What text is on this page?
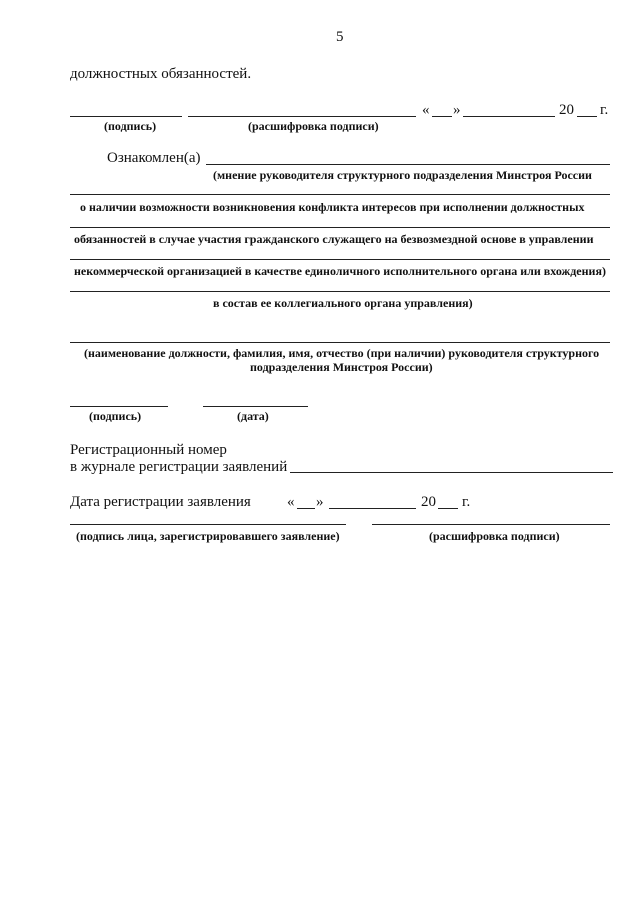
5
должностных обязанностей.
« »	20 г.
(подпись)	(расшифровка подписи)
Ознакомлен(а)
(мнение руководителя структурного подразделения Минстроя России
о наличии возможности возникновения конфликта интересов при исполнении должностных
обязанностей в случае участия гражданского служащего на безвозмездной основе в управлении
некоммерческой организацией в качестве единоличного исполнительного органа или вхождения)
в состав ее коллегиального органа управления)
(наименование должности, фамилия, имя, отчество (при наличии) руководителя структурного
подразделения Минстроя России)
(подпись)	(дата)
Регистрационный номер
в журнале регистрации заявлений
Дата регистрации заявления « »	20 г.
(подпись лица, зарегистрировавшего заявление)	(расшифровка подписи)
